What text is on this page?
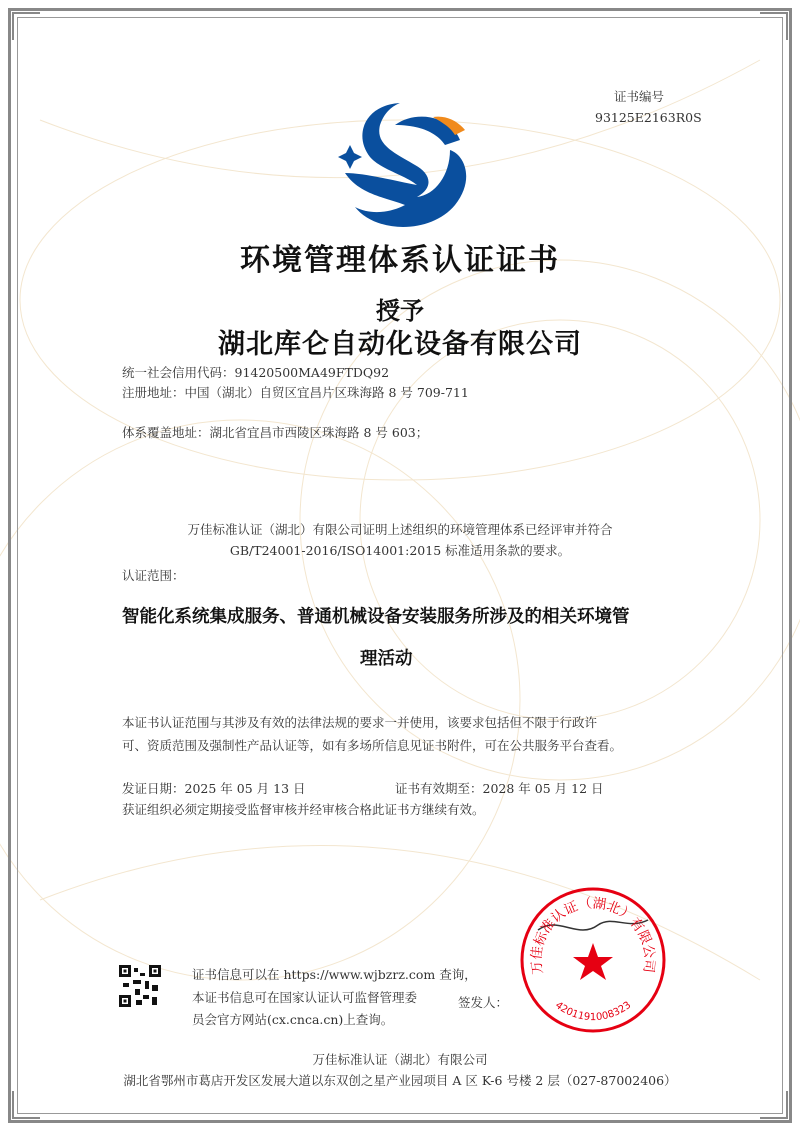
证书编号
93125E2163R0S
环境管理体系认证证书
授予
湖北库仑自动化设备有限公司
统一社会信用代码：91420500MA49FTDQ92
注册地址：中国（湖北）自贸区宜昌片区珠海路 8 号 709-711
体系覆盖地址：湖北省宜昌市西陵区珠海路 8 号 603；
万佳标准认证（湖北）有限公司证明上述组织的环境管理体系已经评审并符合
GB/T24001-2016/ISO14001:2015 标准适用条款的要求。
认证范围：
智能化系统集成服务、普通机械设备安装服务所涉及的相关环境管
理活动
本证书认证范围与其涉及有效的法律法规的要求一并使用，该要求包括但不限于行政许
可、资质范围及强制性产品认证等，如有多场所信息见证书附件，可在公共服务平台查看。
发证日期：2025 年 05 月 13 日	证书有效期至：2028 年 05 月 12 日
获证组织必须定期接受监督审核并经审核合格此证书方继续有效。
证书信息可以在 https://www.wjbzrz.com 查询，
本证书信息可在国家认证认可监督管理委
员会官方网站(cx.cnca.cn)上查询。
签发人：
万佳标准认证（湖北）有限公司
4201191008323
万佳标准认证（湖北）有限公司
湖北省鄂州市葛店开发区发展大道以东双创之星产业园项目 A 区 K-6 号楼 2 层（027-87002406）
